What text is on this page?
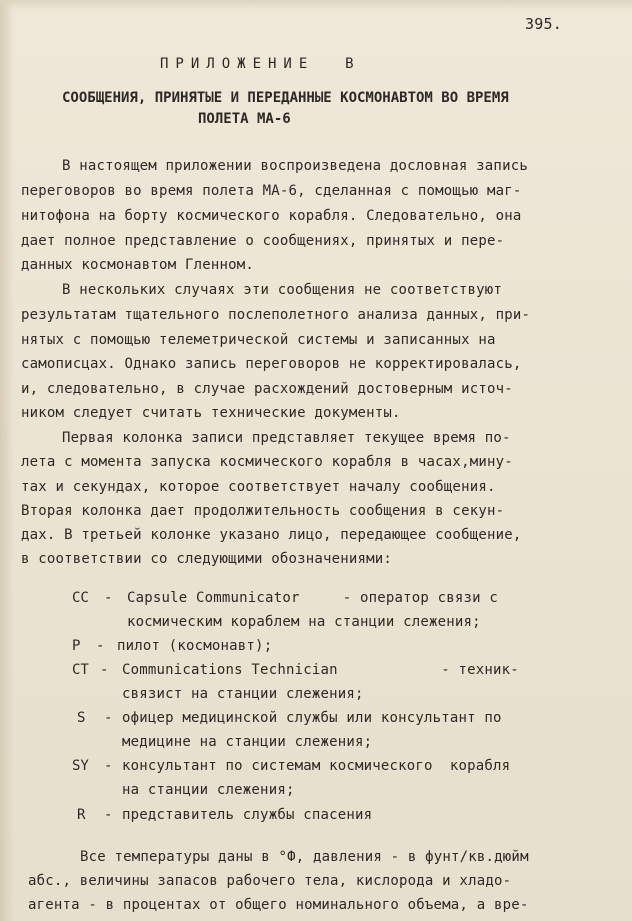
395.
ПРИЛОЖЕНИЕ  В
СООБЩЕНИЯ, ПРИНЯТЫЕ И ПЕРЕДАННЫЕ КОСМОНАВТОМ ВО ВРЕМЯ
ПОЛЕТА МА-6
В настоящем приложении воспроизведена дословная запись
переговоров во время полета МА-6, сделанная с помощью маг-
нитофона на борту космического корабля. Следовательно, она
дает полное представление о сообщениях, принятых и пере-
данных космонавтом Гленном.
В нескольких случаях эти сообщения не соответствуют
результатам тщательного послеполетного анализа данных, при-
нятых с помощью телеметрической системы и записанных на
самописцах. Однако запись переговоров не корректировалась,
и, следовательно, в случае расхождений достоверным источ-
ником следует считать технические документы.
Первая колонка записи представляет текущее время по-
лета с момента запуска космического корабля в часах,мину-
тах и секундах, которое соответствует началу сообщения.
Вторая колонка дает продолжительность сообщения в секун-
дах. В третьей колонке указано лицо, передающее сообщение,
в соответствии со следующими обозначениями:
CC - Capsule Communicator     - оператор связи с
космическим кораблем на станции слежения;
P - пилот (космонавт);
CT - Communications Technician            - техник-
связист на станции слежения;
S - офицер медицинской службы или консультант по
медицине на станции слежения;
SY - консультант по системам космического  корабля
на станции слежения;
R - представитель службы спасения
Все температуры даны в °Ф, давления - в фунт/кв.дюйм
абс., величины запасов рабочего тела, кислорода и хладо-
агента - в процентах от общего номинального объема, а вре-
